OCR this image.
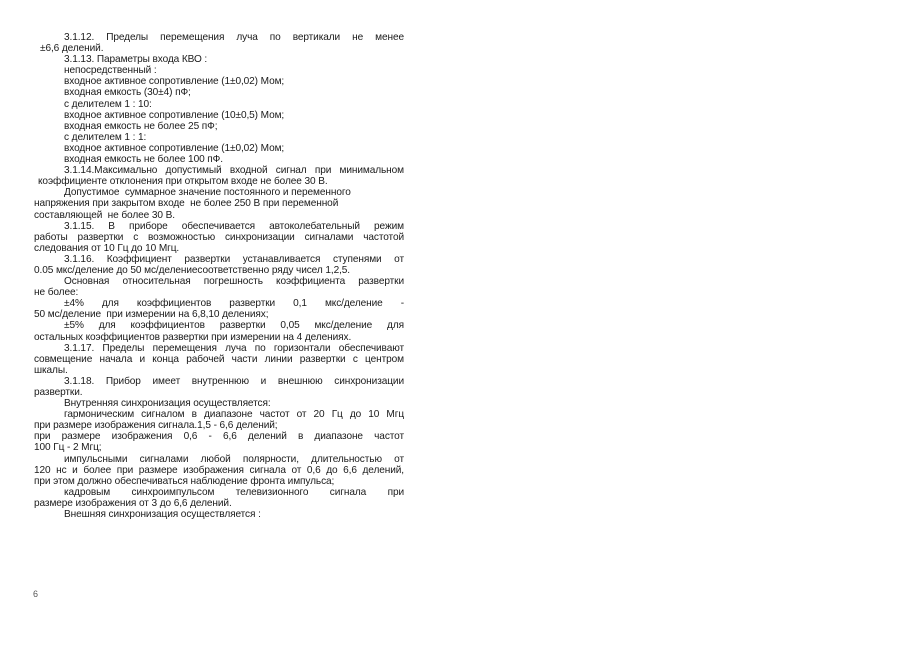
3.1.12. Пределы перемещения луча по вертикали не менее
±6,6 делений.
3.1.13. Параметры входа КВО :
непосредственный :
входное активное сопротивление (1±0,02) Мом;
входная емкость (30±4) пФ;
с делителем 1 : 10:
входное активное сопротивление (10±0,5) Мом;
входная емкость не более 25 пФ;
с делителем 1 : 1:
входное активное сопротивление (1±0,02) Мом;
входная емкость не более 100 пФ.
3.1.14.Максимально допустимый входной сигнал при минимальном
коэффициенте отклонения при открытом входе не более 30 В.
Допустимое  суммарное значение постоянного и переменного
напряжения при закрытом входе  не более 250 В при переменной
составляющей  не более 30 В.
3.1.15. В приборе обеспечивается автоколебательный режим
работы развертки с возможностью синхронизации сигналами частотой
следования от 10 Гц до 10 Мгц.
3.1.16. Коэффициент развертки устанавливается ступенями от
0.05 мкс/деление до 50 мс/делениесоответственно ряду чисел 1,2,5.
Основная относительная погрешность коэффициента развертки
не более:
±4% для коэффициентов развертки 0,1 мкс/деление -
50 мс/деление  при измерении на 6,8,10 делениях;
±5% для коэффициентов развертки 0,05 мкс/деление для
остальных коэффициентов развертки при измерении на 4 делениях.
3.1.17. Пределы перемещения луча по горизонтали обеспечивают
совмещение начала и конца рабочей части линии развертки с центром
шкалы.
3.1.18. Прибор имеет внутреннюю и внешнюю синхронизации
развертки.
Внутренняя синхронизация осуществляется:
гармоническим сигналом в диапазоне частот от 20 Гц до 10 Мгц
при размере изображения сигнала.1,5 - 6,6 делений;
при размере изображения 0,6 - 6,6 делений в диапазоне частот
100 Гц - 2 Мгц;
импульсными сигналами любой полярности, длительностью от
120 нс и более при размере изображения сигнала от 0,6 до 6,6 делений,
при этом должно обеспечиваться наблюдение фронта импульса;
кадровым синхроимпульсом телевизионного сигнала при
размере изображения от 3 до 6,6 делений.
Внешняя синхронизация осуществляется :
6
